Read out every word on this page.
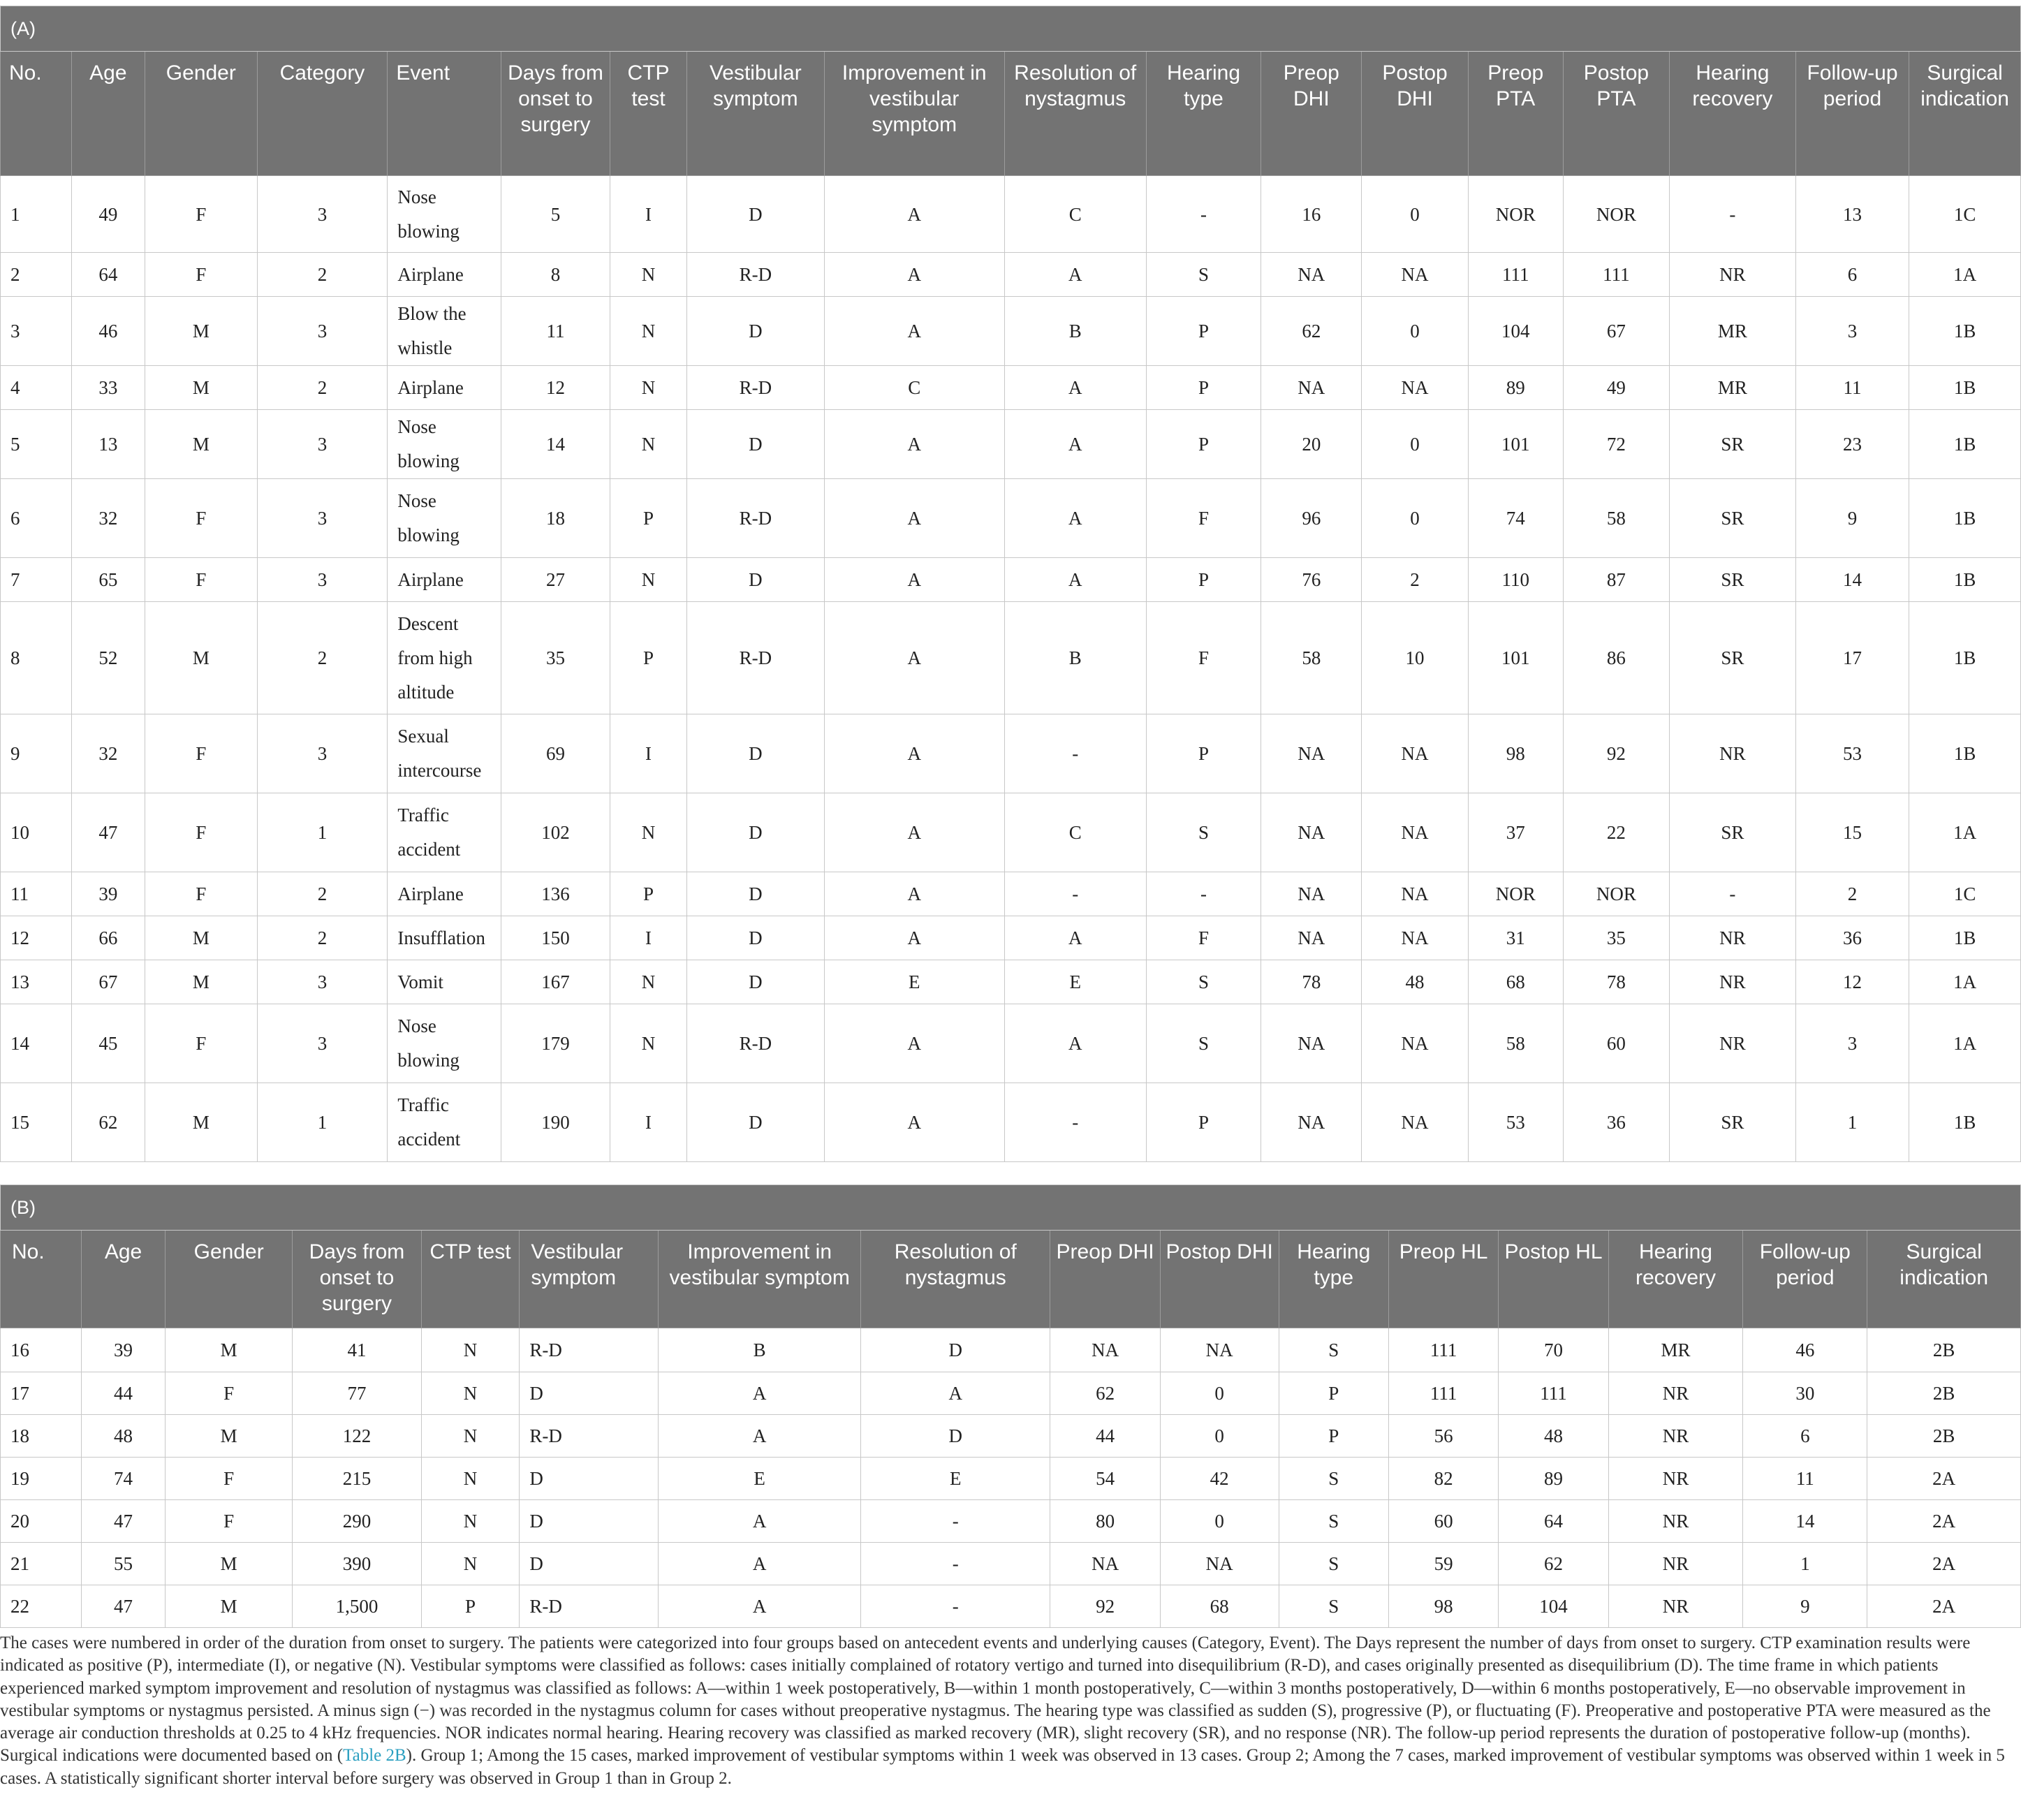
(A)																	
No.	Age	Gender	Category	Event	Days from onset to surgery	CTP test	Vestibular symptom	Improvement in vestibular symptom	Resolution of nystagmus	Hearing type	Preop DHI	Postop DHI	Preop PTA	Postop PTA	Hearing recovery	Follow-up period	Surgical indication
1	49	F	3	Nose blowing	5	I	D	A	C	-	16	0	NOR	NOR	-	13	1C
2	64	F	2	Airplane	8	N	R-D	A	A	S	NA	NA	111	111	NR	6	1A
3	46	M	3	Blow the whistle	11	N	D	A	B	P	62	0	104	67	MR	3	1B
4	33	M	2	Airplane	12	N	R-D	C	A	P	NA	NA	89	49	MR	11	1B
5	13	M	3	Nose blowing	14	N	D	A	A	P	20	0	101	72	SR	23	1B
6	32	F	3	Nose blowing	18	P	R-D	A	A	F	96	0	74	58	SR	9	1B
7	65	F	3	Airplane	27	N	D	A	A	P	76	2	110	87	SR	14	1B
8	52	M	2	Descent from high altitude	35	P	R-D	A	B	F	58	10	101	86	SR	17	1B
9	32	F	3	Sexual intercourse	69	I	D	A	-	P	NA	NA	98	92	NR	53	1B
10	47	F	1	Traffic accident	102	N	D	A	C	S	NA	NA	37	22	SR	15	1A
11	39	F	2	Airplane	136	P	D	A	-	-	NA	NA	NOR	NOR	-	2	1C
12	66	M	2	Insufflation	150	I	D	A	A	F	NA	NA	31	35	NR	36	1B
13	67	M	3	Vomit	167	N	D	E	E	S	78	48	68	78	NR	12	1A
14	45	F	3	Nose blowing	179	N	R-D	A	A	S	NA	NA	58	60	NR	3	1A
15	62	M	1	Traffic accident	190	I	D	A	-	P	NA	NA	53	36	SR	1	1B
(B)															
No.	Age	Gender	Days from onset to surgery	CTP test	Vestibular symptom	Improvement in vestibular symptom	Resolution of nystagmus	Preop DHI	Postop DHI	Hearing type	Preop HL	Postop HL	Hearing recovery	Follow-up period	Surgical indication
16	39	M	41	N	R-D	B	D	NA	NA	S	111	70	MR	46	2B
17	44	F	77	N	D	A	A	62	0	P	111	111	NR	30	2B
18	48	M	122	N	R-D	A	D	44	0	P	56	48	NR	6	2B
19	74	F	215	N	D	E	E	54	42	S	82	89	NR	11	2A
20	47	F	290	N	D	A	-	80	0	S	60	64	NR	14	2A
21	55	M	390	N	D	A	-	NA	NA	S	59	62	NR	1	2A
22	47	M	1,500	P	R-D	A	-	92	68	S	98	104	NR	9	2A
The cases were numbered in order of the duration from onset to surgery. The patients were categorized into four groups based on antecedent events and underlying causes (Category, Event). The Days represent the number of days from onset to surgery. CTP examination results were indicated as positive (P), intermediate (I), or negative (N). Vestibular symptoms were classified as follows: cases initially complained of rotatory vertigo and turned into disequilibrium (R-D), and cases originally presented as disequilibrium (D). The time frame in which patients experienced marked symptom improvement and resolution of nystagmus was classified as follows: A—within 1 week postoperatively, B—within 1 month postoperatively, C—within 3 months postoperatively, D—within 6 months postoperatively, E—no observable improvement in vestibular symptoms or nystagmus persisted. A minus sign (−) was recorded in the nystagmus column for cases without preoperative nystagmus. The hearing type was classified as sudden (S), progressive (P), or fluctuating (F). Preoperative and postoperative PTA were measured as the average air conduction thresholds at 0.25 to 4 kHz frequencies. NOR indicates normal hearing. Hearing recovery was classified as marked recovery (MR), slight recovery (SR), and no response (NR). The follow-up period represents the duration of postoperative follow-up (months). Surgical indications were documented based on (Table 2B). Group 1; Among the 15 cases, marked improvement of vestibular symptoms within 1 week was observed in 13 cases. Group 2; Among the 7 cases, marked improvement of vestibular symptoms was observed within 1 week in 5 cases. A statistically significant shorter interval before surgery was observed in Group 1 than in Group 2.
